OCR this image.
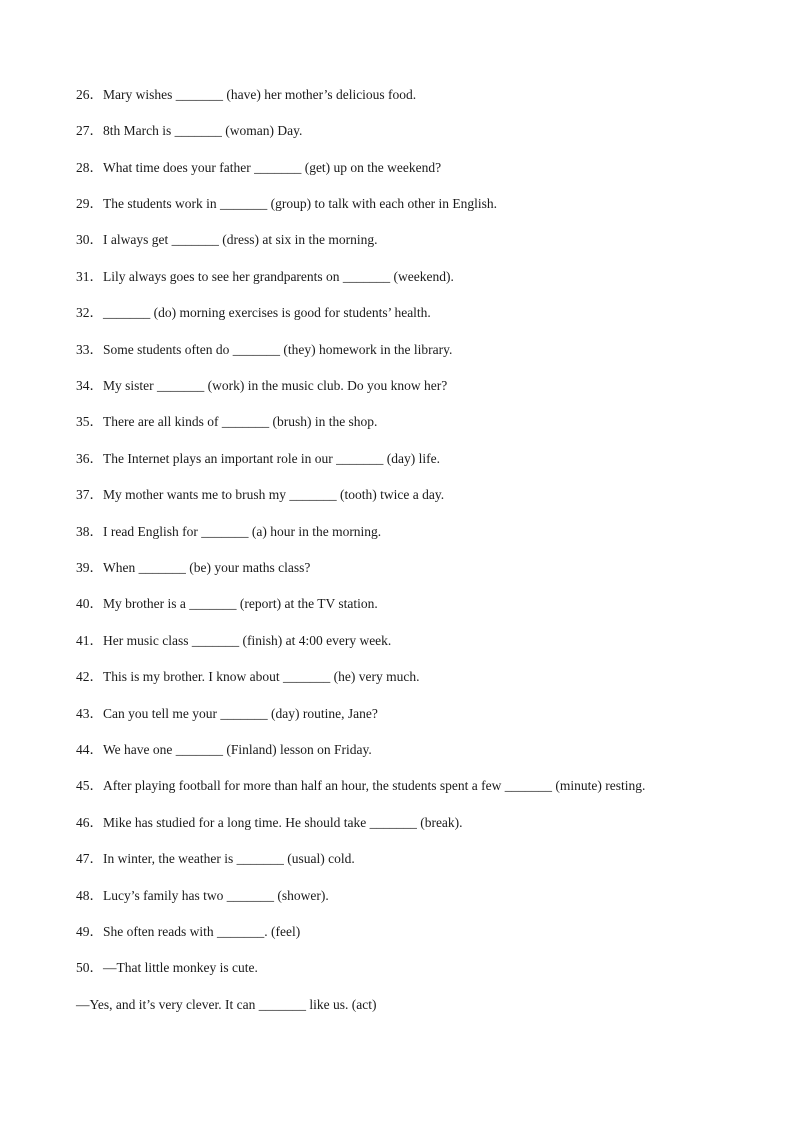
26．Mary wishes _______ (have) her mother’s delicious food.
27．8th March is _______ (woman) Day.
28．What time does your father _______ (get) up on the weekend?
29．The students work in _______ (group) to talk with each other in English.
30．I always get _______ (dress) at six in the morning.
31．Lily always goes to see her grandparents on _______ (weekend).
32．_______ (do) morning exercises is good for students’ health.
33．Some students often do _______ (they) homework in the library.
34．My sister _______ (work) in the music club. Do you know her?
35．There are all kinds of _______ (brush) in the shop.
36．The Internet plays an important role in our _______ (day) life.
37．My mother wants me to brush my _______ (tooth) twice a day.
38．I read English for _______ (a) hour in the morning.
39．When _______ (be) your maths class?
40．My brother is a _______ (report) at the TV station.
41．Her music class _______ (finish) at 4:00 every week.
42．This is my brother. I know about _______ (he) very much.
43．Can you tell me your _______ (day) routine, Jane?
44．We have one _______ (Finland) lesson on Friday.
45．After playing football for more than half an hour, the students spent a few _______ (minute) resting.
46．Mike has studied for a long time. He should take _______ (break).
47．In winter, the weather is _______ (usual) cold.
48．Lucy’s family has two _______ (shower).
49．She often reads with _______. (feel)
50．—That little monkey is cute.
—Yes, and it’s very clever. It can _______ like us. (act)
